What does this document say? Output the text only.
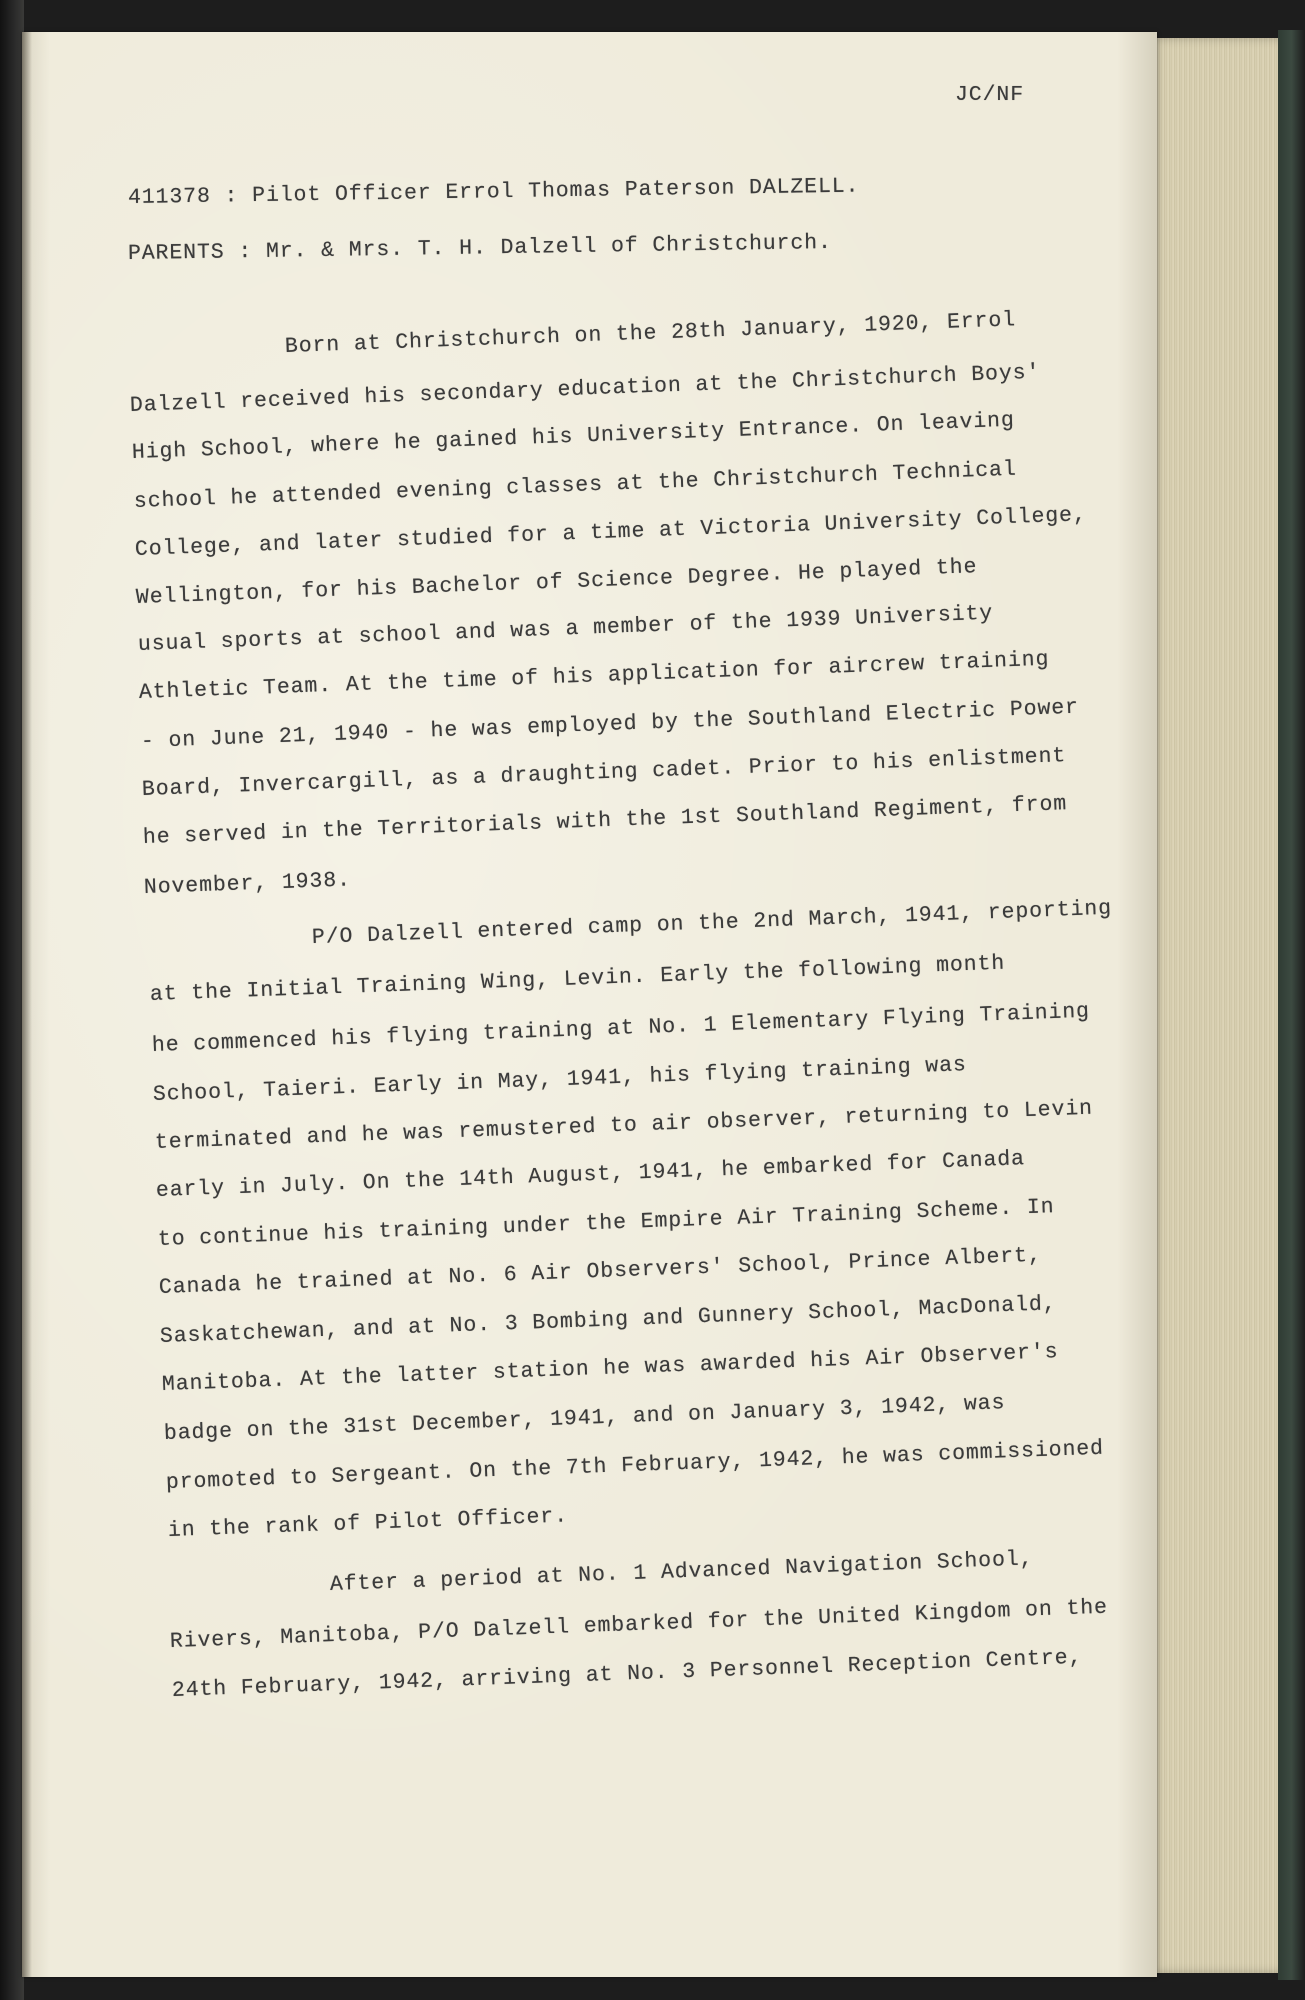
JC/NF

411378 : Pilot Officer Errol Thomas Paterson DALZELL.

PARENTS : Mr. & Mrs. T. H. Dalzell of Christchurch.

Born at Christchurch on the 28th January, 1920, Errol

Dalzell received his secondary education at the Christchurch Boys'

High School, where he gained his University Entrance. On leaving

school he attended evening classes at the Christchurch Technical

College, and later studied for a time at Victoria University College,

Wellington, for his Bachelor of Science Degree. He played the

usual sports at school and was a member of the 1939 University

Athletic Team. At the time of his application for aircrew training

- on June 21, 1940 - he was employed by the Southland Electric Power

Board, Invercargill, as a draughting cadet. Prior to his enlistment

he served in the Territorials with the 1st Southland Regiment, from

November, 1938.

P/O Dalzell entered camp on the 2nd March, 1941, reporting

at the Initial Training Wing, Levin. Early the following month

he commenced his flying training at No. 1 Elementary Flying Training

School, Taieri. Early in May, 1941, his flying training was

terminated and he was remustered to air observer, returning to Levin

early in July. On the 14th August, 1941, he embarked for Canada

to continue his training under the Empire Air Training Scheme. In

Canada he trained at No. 6 Air Observers' School, Prince Albert,

Saskatchewan, and at No. 3 Bombing and Gunnery School, MacDonald,

Manitoba. At the latter station he was awarded his Air Observer's

badge on the 31st December, 1941, and on January 3, 1942, was

promoted to Sergeant. On the 7th February, 1942, he was commissioned

in the rank of Pilot Officer.

After a period at No. 1 Advanced Navigation School,

Rivers, Manitoba, P/O Dalzell embarked for the United Kingdom on the

24th February, 1942, arriving at No. 3 Personnel Reception Centre,
